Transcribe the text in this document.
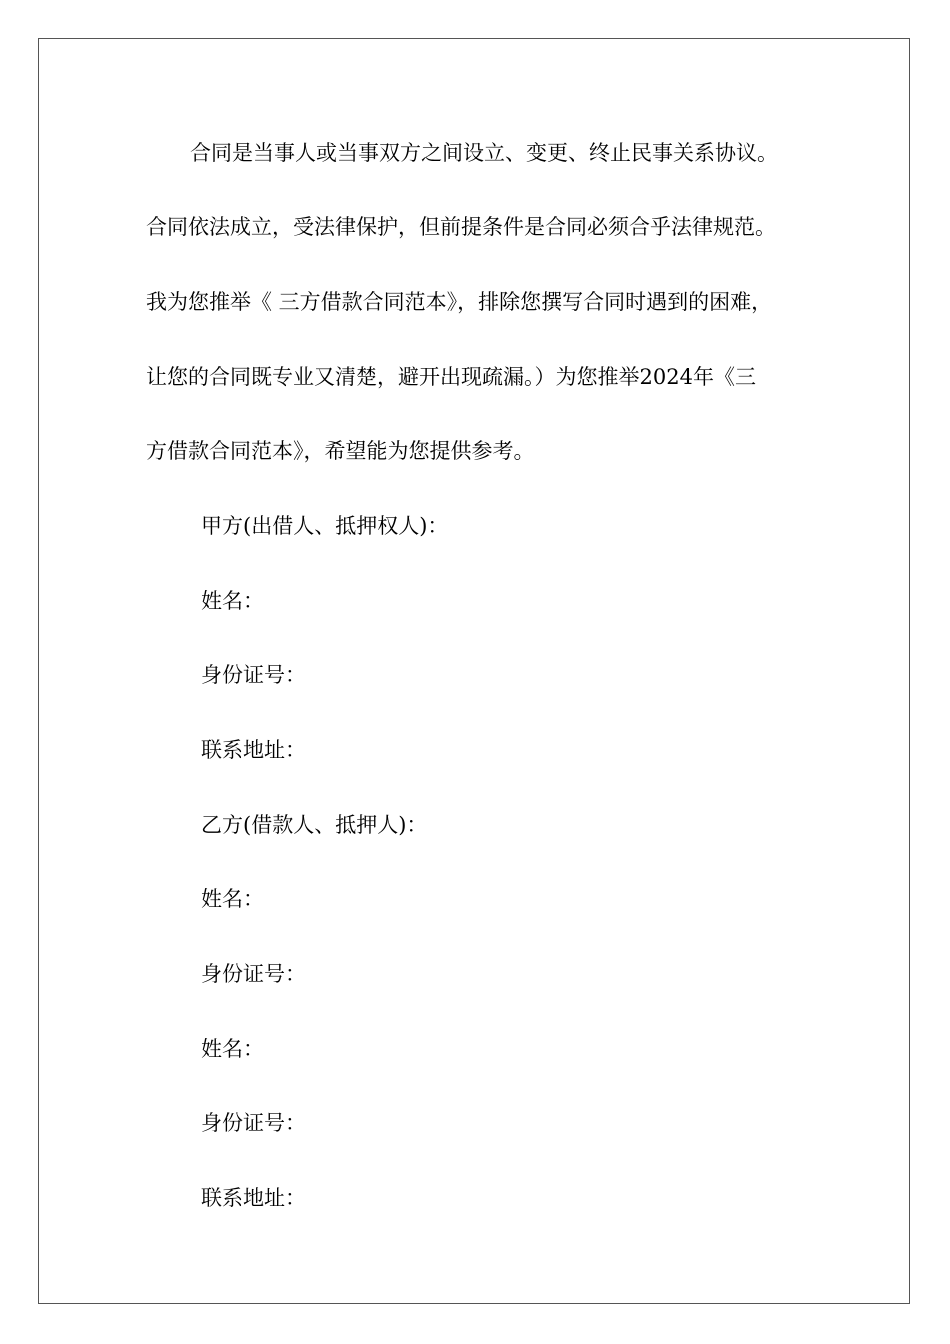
合同是当事人或当事双方之间设立、变更、终止民事关系协议。
合同依法成立，受法律保护，但前提条件是合同必须合乎法律规范。
我为您推举《 三方借款合同范本》，排除您撰写合同时遇到的困难，
让您的合同既专业又清楚，避开出现疏漏。）为您推举2024年《三
方借款合同范本》，希望能为您提供参考。
甲方(出借人、抵押权人)：
姓名：
身份证号：
联系地址：
乙方(借款人、抵押人)：
姓名：
身份证号：
姓名：
身份证号：
联系地址：
